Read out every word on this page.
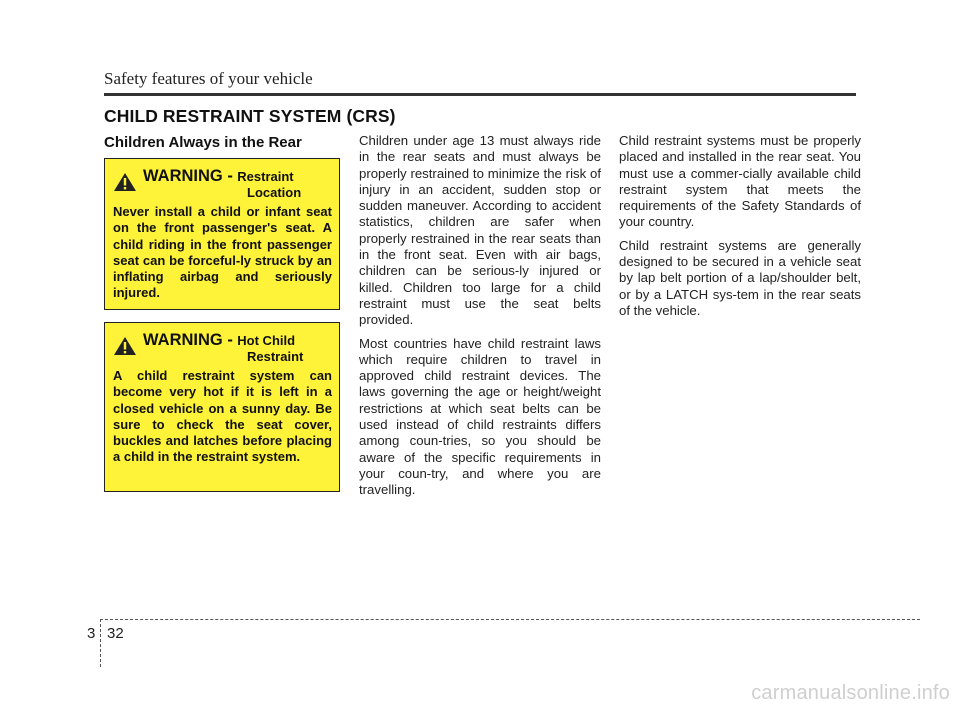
Safety features of your vehicle
CHILD RESTRAINT SYSTEM (CRS)
Children Always in the Rear
WARNING - Restraint
Location
Never install a child or infant seat on the front passenger's seat. A child riding in the front passenger seat can be forceful-ly struck by an inflating airbag and seriously injured.
WARNING - Hot Child
Restraint
A child restraint system can become very hot if it is left in a closed vehicle on a sunny day. Be sure to check the seat cover, buckles and latches before placing a child in the restraint system.

Children under age 13 must always ride in the rear seats and must always be properly restrained to minimize the risk of injury in an accident, sudden stop or sudden maneuver. According to accident statistics, children are safer when properly restrained in the rear seats than in the front seat. Even with air bags, children can be serious-ly injured or killed. Children too large for a child restraint must use the seat belts provided.

Most countries have child restraint laws which require children to travel in approved child restraint devices. The laws governing the age or height/weight restrictions at which seat belts can be used instead of child restraints differs among coun-tries, so you should be aware of the specific requirements in your coun-try, and where you are travelling.

Child restraint systems must be properly placed and installed in the rear seat. You must use a commer-cially available child restraint system that meets the requirements of the Safety Standards of your country.

Child restraint systems are generally designed to be secured in a vehicle seat by lap belt portion of a lap/shoulder belt, or by a LATCH sys-tem in the rear seats of the vehicle.

3 32
carmanualsonline.info
